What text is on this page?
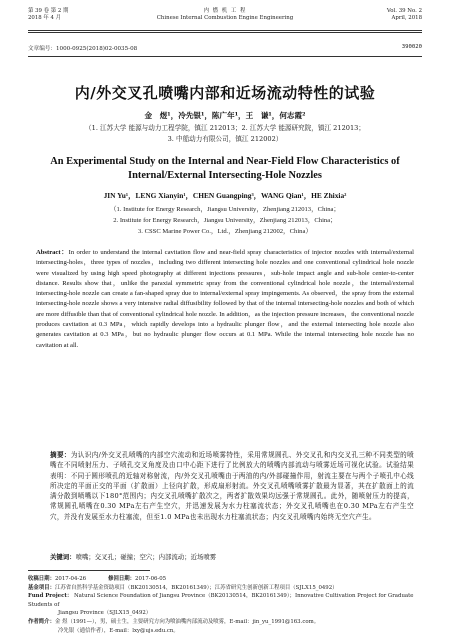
第 39 卷 第 2 期
2018 年 4 月
内 燃 机 工 程
Chinese Internal Combustion Engine Engineering
Vol. 39 No. 2
April, 2018
文章编号：1000-0925(2018)02-0035-08	390020
内/外交叉孔喷嘴内部和近场流动特性的试验
金　煜¹，冷先银¹，陈广年¹，王　谦¹，何志霞²
（1. 江苏大学 能源与动力工程学院，镇江 212013；2. 江苏大学 能源研究院，镇江 212013；
3. 中船动力有限公司，镇江 212002）
An Experimental Study on the Internal and Near-Field Flow Characteristics of
Internal/External Intersecting-Hole Nozzles
JIN Yu¹，LENG Xianyin¹，CHEN Guangping³，WANG Qian¹，HE Zhixia²
（1. Institute for Energy Research，Jiangsu University，Zhenjiang 212013，China；
2. Institute for Energy Research，Jiangsu University，Zhenjiang 212013，China；
3. CSSC Marine Power Co.，Ltd.，Zhenjiang 212002，China）
Abstract：In order to understand the internal cavitation flow and near-field spray characteristics of injector nozzles with internal/external intersecting-holes，three types of nozzles，including two different intersecting hole nozzles and one conventional cylindrical hole nozzle were visualized by using high speed photography at different injections pressures，sub-hole impact angle and sub-hole center-to-center distance. Results show that，unlike the paraxial symmetric spray from the conventional cylindrical hole nozzle，the internal/external intersecting-hole nozzle can create a fan-shaped spray due to internal/external spray impingements. As observed，the spray from the external intersecting-hole nozzle shows a very intensive radial diffusibility followed by that of the internal intersecting-hole nozzles and both of which are more diffusible than that of conventional cylindrical hole nozzle. In addition，as the injection pressure increases，the conventional nozzle produces cavitation at 0.3 MPa，which rapidly develops into a hydraulic plunger flow，and the external intersecting hole nozzle also generates cavitation at 0.3 MPa，but no hydraulic plunger flow occurs at 0.1 MPa. While the internal intersecting hole nozzle has no cavitation at all.
摘要：为认识内/外交叉孔喷嘴的内部空穴流动和近场喷雾特性，采用常规圆孔、外交叉孔和内交叉孔三种不同类型的喷嘴在不同喷射压力、子喷孔交叉角度及由口中心距下进行了比例放大的喷嘴内部流动与喷雾近场可视化试验。试验结果表明：不同于圆形喷孔的近轴对称射流，内/外交叉孔喷嘴由于两油的内/外部碰撞作用，射流主要在与两个子喷孔中心线所决定的平面正交的平面（扩散面）上径向扩散，形成扇形射流。外交叉孔喷嘴喷雾扩散最为显著，其在扩散面上的流满分散到喷嘴以下180°范围内；内交叉孔喷嘴扩散次之，两者扩散效果均远强于常规圆孔。此外，随喷射压力的提高，常规圆孔喷嘴在0.30 MPa左右产生空穴，并迅速发展为水力柱塞流状态；外交叉孔喷嘴也在0.30 MPa左右产生空穴，并没有发展至水力柱塞流，但至1.0 MPa也未出现水力柱塞流状态；内交叉孔喷嘴内始终无空穴产生。
关键词：喷嘴；交叉孔；碰撞；空穴；内部流动；近场喷雾
收稿日期：2017-04-26	修回日期：2017-06-05
基金项目：江苏省自然科学基金资助项目（BK20130514，BK20161349）；江苏省研究生创新创新工程项目（SJLX15_0492）
Fund Project： Natural Science Foundation of Jiangsu Province（BK20130514，BK20161349）；Innovative Cultivation Project for Graduate Students of
Jiangsu Province（SJLX15_0492）
作者简介：金 煜（1991—），男，硕士生，主要研究方向为喷油嘴内部流动及喷雾，E-mail：jin_yu_1991@163.com。
冷先银（通信作者），E-mail：lxy@ujs.edu.cn。
